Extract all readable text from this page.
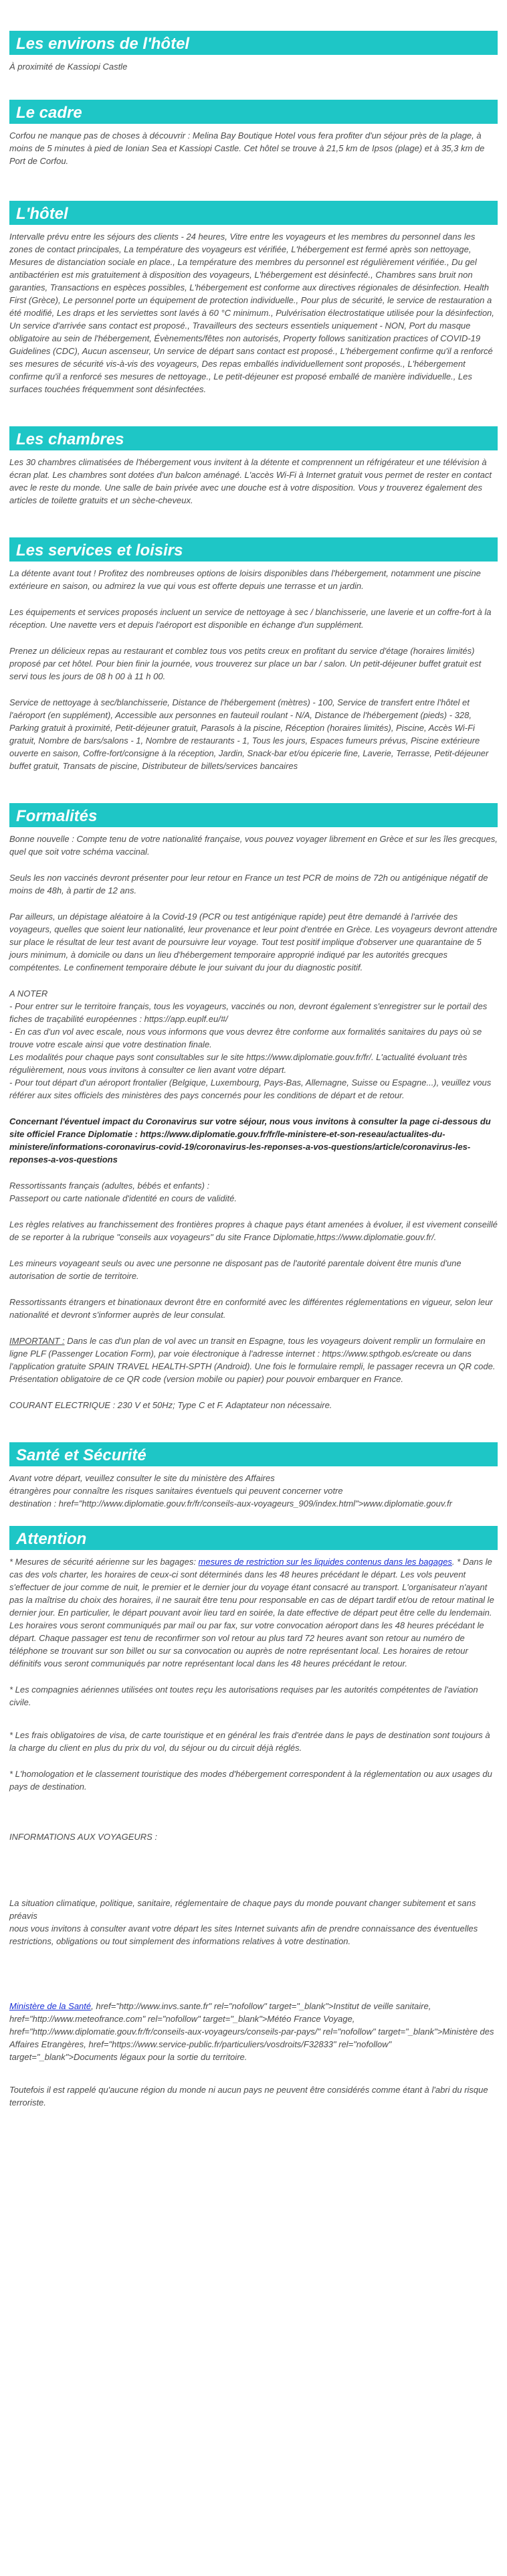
Les environs de l'hôtel

À proximité de Kassiopi Castle

Le cadre

Corfou ne manque pas de choses à découvrir : Melina Bay Boutique Hotel vous fera profiter d'un séjour près de la plage, à moins de 5 minutes à pied de Ionian Sea et Kassiopi Castle. Cet hôtel se trouve à 21,5 km de Ipsos (plage) et à 35,3 km de Port de Corfou.

L'hôtel

Intervalle prévu entre les séjours des clients - 24 heures, Vitre entre les voyageurs et les membres du personnel dans les zones de contact principales, La température des voyageurs est vérifiée, L'hébergement est fermé après son nettoyage, Mesures de distanciation sociale en place., La température des membres du personnel est régulièrement vérifiée., Du gel antibactérien est mis gratuitement à disposition des voyageurs, L'hébergement est désinfecté., Chambres sans bruit non garanties, Transactions en espèces possibles, L'hébergement est conforme aux directives régionales de désinfection. Health First (Grèce), Le personnel porte un équipement de protection individuelle., Pour plus de sécurité, le service de restauration a été modifié, Les draps et les serviettes sont lavés à 60 °C minimum., Pulvérisation électrostatique utilisée pour la désinfection, Un service d'arrivée sans contact est proposé., Travailleurs des secteurs essentiels uniquement - NON, Port du masque obligatoire au sein de l'hébergement, Évènements/fêtes non autorisés, Property follows sanitization practices of COVID-19 Guidelines (CDC), Aucun ascenseur, Un service de départ sans contact est proposé., L'hébergement confirme qu'il a renforcé ses mesures de sécurité vis-à-vis des voyageurs, Des repas emballés individuellement sont proposés., L'hébergement confirme qu'il a renforcé ses mesures de nettoyage., Le petit-déjeuner est proposé emballé de manière individuelle., Les surfaces touchées fréquemment sont désinfectées.

Les chambres

Les 30 chambres climatisées de l'hébergement vous invitent à la détente et comprennent un réfrigérateur et une télévision à écran plat. Les chambres sont dotées d'un balcon aménagé. L'accès Wi-Fi à Internet gratuit vous permet de rester en contact avec le reste du monde. Une salle de bain privée avec une douche est à votre disposition. Vous y trouverez également des articles de toilette gratuits et un sèche-cheveux.

Les services et loisirs

La détente avant tout ! Profitez des nombreuses options de loisirs disponibles dans l'hébergement, notamment une piscine extérieure en saison, ou admirez la vue qui vous est offerte depuis une terrasse et un jardin.

Les équipements et services proposés incluent un service de nettoyage à sec / blanchisserie, une laverie et un coffre-fort à la réception. Une navette vers et depuis l'aéroport est disponible en échange d'un supplément.

Prenez un délicieux repas au restaurant et comblez tous vos petits creux en profitant du service d'étage (horaires limités) proposé par cet hôtel. Pour bien finir la journée, vous trouverez sur place un bar / salon. Un petit-déjeuner buffet gratuit est servi tous les jours de 08 h 00 à 11 h 00.

Service de nettoyage à sec/blanchisserie, Distance de l'hébergement (mètres) - 100, Service de transfert entre l'hôtel et l'aéroport (en supplément), Accessible aux personnes en fauteuil roulant - N/A, Distance de l'hébergement (pieds) - 328, Parking gratuit à proximité, Petit-déjeuner gratuit, Parasols à la piscine, Réception (horaires limités), Piscine, Accès Wi-Fi gratuit, Nombre de bars/salons - 1, Nombre de restaurants - 1, Tous les jours, Espaces fumeurs prévus, Piscine extérieure ouverte en saison, Coffre-fort/consigne à la réception, Jardin, Snack-bar et/ou épicerie fine, Laverie, Terrasse, Petit-déjeuner buffet gratuit, Transats de piscine, Distributeur de billets/services bancaires

Formalités

Bonne nouvelle : Compte tenu de votre nationalité française, vous pouvez voyager librement en Grèce et sur les îles grecques, quel que soit votre schéma vaccinal.

Seuls les non vaccinés devront présenter pour leur retour en France un test PCR de moins de 72h ou antigénique négatif de moins de 48h, à partir de 12 ans.

Par ailleurs, un dépistage aléatoire à la Covid-19 (PCR ou test antigénique rapide) peut être demandé à l'arrivée des voyageurs, quelles que soient leur nationalité, leur provenance et leur point d'entrée en Grèce. Les voyageurs devront attendre sur place le résultat de leur test avant de poursuivre leur voyage. Tout test positif implique d'observer une quarantaine de 5 jours minimum, à domicile ou dans un lieu d'hébergement temporaire approprié indiqué par les autorités grecques compétentes. Le confinement temporaire débute le jour suivant du jour du diagnostic positif.

A NOTER

- Pour entrer sur le territoire français, tous les voyageurs, vaccinés ou non, devront également s'enregistrer sur le portail des fiches de traçabilité européennes : https://app.euplf.eu/#/

- En cas d'un vol avec escale, nous vous informons que vous devrez être conforme aux formalités sanitaires du pays où se trouve votre escale ainsi que votre destination finale.

Les modalités pour chaque pays sont consultables sur le site https://www.diplomatie.gouv.fr/fr/. L'actualité évoluant très régulièrement, nous vous invitons à consulter ce lien avant votre départ.

- Pour tout départ d'un aéroport frontalier (Belgique, Luxembourg, Pays-Bas, Allemagne, Suisse ou Espagne...), veuillez vous référer aux sites officiels des ministères des pays concernés pour les conditions de départ et de retour.

Concernant l'éventuel impact du Coronavirus sur votre séjour, nous vous invitons à consulter la page ci-dessous du site officiel France Diplomatie : https://www.diplomatie.gouv.fr/fr/le-ministere-et-son-reseau/actualites-du-ministere/informations-coronavirus-covid-19/coronavirus-les-reponses-a-vos-questions/article/coronavirus-les-reponses-a-vos-questions

Ressortissants français (adultes, bébés et enfants) :

Passeport ou carte nationale d'identité en cours de validité.

Les règles relatives au franchissement des frontières propres à chaque pays étant amenées à évoluer, il est vivement conseillé de se reporter à la rubrique "conseils aux voyageurs" du site France Diplomatie,https://www.diplomatie.gouv.fr/.

Les mineurs voyageant seuls ou avec une personne ne disposant pas de l'autorité parentale doivent être munis d'une autorisation de sortie de territoire.

Ressortissants étrangers et binationaux devront être en conformité avec les différentes réglementations en vigueur, selon leur nationalité et devront s'informer auprès de leur consulat.

IMPORTANT : Dans le cas d'un plan de vol avec un transit en Espagne, tous les voyageurs doivent remplir un formulaire en ligne PLF (Passenger Location Form), par voie électronique à l'adresse internet : https://www.spthgob.es/create ou dans l'application gratuite SPAIN TRAVEL HEALTH-SPTH (Android). Une fois le formulaire rempli, le passager recevra un QR code. Présentation obligatoire de ce QR code (version mobile ou papier) pour pouvoir embarquer en France.

COURANT ELECTRIQUE : 230 V et 50Hz; Type C et F. Adaptateur non nécessaire.

Santé et Sécurité

Avant votre départ, veuillez consulter le site du ministère des Affaires

étrangères pour connaître les risques sanitaires éventuels qui peuvent concerner votre

destination : href="http://www.diplomatie.gouv.fr/fr/conseils-aux-voyageurs_909/index.html">www.diplomatie.gouv.fr

Attention

* Mesures de sécurité aérienne sur les bagages: mesures de restriction sur les liquides contenus dans les bagages. * Dans le cas des vols charter, les horaires de ceux-ci sont déterminés dans les 48 heures précédant le départ. Les vols peuvent s'effectuer de jour comme de nuit, le premier et le dernier jour du voyage étant consacré au transport. L'organisateur n'ayant pas la maîtrise du choix des horaires, il ne saurait être tenu pour responsable en cas de départ tardif et/ou de retour matinal le dernier jour. En particulier, le départ pouvant avoir lieu tard en soirée, la date effective de départ peut être celle du lendemain. Les horaires vous seront communiqués par mail ou par fax, sur votre convocation aéroport dans les 48 heures précédant le départ. Chaque passager est tenu de reconfirmer son vol retour au plus tard 72 heures avant son retour au numéro de téléphone se trouvant sur son billet ou sur sa convocation ou auprès de notre représentant local. Les horaires de retour définitifs vous seront communiqués par notre représentant local dans les 48 heures précédant le retour.

* Les compagnies aériennes utilisées ont toutes reçu les autorisations requises par les autorités compétentes de l'aviation civile.

* Les frais obligatoires de visa, de carte touristique et en général les frais d'entrée dans le pays de destination sont toujours à la charge du client en plus du prix du vol, du séjour ou du circuit déjà réglés.

* L'homologation et le classement touristique des modes d'hébergement correspondent à la réglementation ou aux usages du pays de destination.

INFORMATIONS AUX VOYAGEURS :

La situation climatique, politique, sanitaire, réglementaire de chaque pays du monde pouvant changer subitement et sans préavis

nous vous invitons à consulter avant votre départ les sites Internet suivants afin de prendre connaissance des éventuelles restrictions, obligations ou tout simplement des informations relatives à votre destination.

Ministère de la Santé, href="http://www.invs.sante.fr" rel="nofollow" target="_blank">Institut de veille sanitaire, href="http://www.meteofrance.com" rel="nofollow" target="_blank">Météo France Voyage, href="http://www.diplomatie.gouv.fr/fr/conseils-aux-voyageurs/conseils-par-pays/" rel="nofollow" target="_blank">Ministère des Affaires Etrangères, href="https://www.service-public.fr/particuliers/vosdroits/F32833" rel="nofollow" target="_blank">Documents légaux pour la sortie du territoire.

Toutefois il est rappelé qu'aucune région du monde ni aucun pays ne peuvent être considérés comme étant à l'abri du risque terroriste.
